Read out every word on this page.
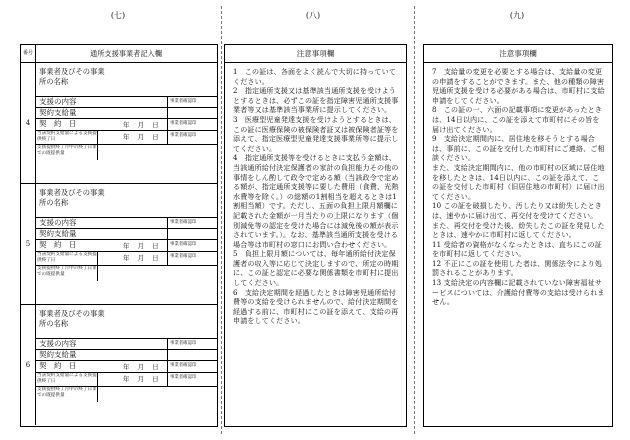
(七)	(八)	(九)
番号	通所支援事業者記入欄
4
事業者及びその事業所の名称
支援の内容	事業者確認印
契約支給量
契　約　日	年 月 日	事業者確認印
当該契約支給量による支援提供終了日	年 月 日	事業者確認印
支援提供終了月中の終了日までの既提供量
5
事業者及びその事業所の名称
支援の内容	事業者確認印
契約支給量
契　約　日	年 月 日	事業者確認印
当該契約支給量による支援提供終了日	年 月 日	事業者確認印
支援提供終了月中の終了日までの既提供量
6
事業者及びその事業所の名称
支援の内容	事業者確認印
契約支給量
契　約　日	年 月 日	事業者確認印
当該契約支給量による支援提供終了日	年 月 日	事業者確認印
支援提供終了月中の終了日までの既提供量
注意事項欄

1　この証は、各面をよく読んで大切に持っていてください。

2　指定通所支援又は基準該当通所支援を受けようとするときは、必ずこの証を指定障害児通所支援事業者等又は基準該当事業所に提示してください。

3　医療型児童発達支援を受けようとするときは、この証に医療保険の被保険者証又は被保険者証等を添えて、指定医療型児童発達支援事業所等に提示してください。

4　指定通所支援等を受けるときに支払う金額は、当該通所給付決定保護者の家計の負担能力その他の事情をしん酌して政令で定める額（当該政令で定める額が、指定通所支援等に要した費用（食費、光熱水費等を除く。）の総額の1割相当を超えるときは1割相当額）です。ただし、五面の負担上限月額欄に記載された金額が一月当たりの上限になります（個別減免等の認定を受けた場合には減免後の額が表示されています。）。なお、基準該当通所支援を受ける場合等は市町村の窓口にお問い合わせください。

5　負担上限月額については、毎年通所給付決定保護者の収入等に応じて決定しますので、所定の時期に、この証と認定に必要な関係書類を市町村に提出してください。

6　支給決定期間を経過したときは障害児通所給付費等の支給を受けられませんので、給付決定期間を経過する前に、市町村にこの証を添えて、支給の再申請をしてください。

注意事項欄

7　支給量の変更を必要とする場合は、支給量の変更の申請をすることができます。また、他の種類の障害児通所支援を受ける必要がある場合は、市町村に支給申請をしてください。

8　この証の一、六面の記載事項に変更があったときは、14日以内に、この証を添えて市町村にその旨を届け出てください。

9　支給決定期間内に、居住地を移そうとする場合は、事前に、この証を交付した市町村にご連絡、ご相談ください。

また、支給決定期間内に、他の市町村の区域に居住地を移したときは、14日以内に、この証を添えて、この証を交付した市町村（旧居住地の市町村）に届け出てください。

10 この証を破損したり、汚したり又は紛失したときは、速やかに届け出て、再交付を受けてください。

また、再交付を受けた後、紛失したこの証を発見したときは、速やかに市町村に返してください。

11 受給者の資格がなくなったときは、直ちにこの証を市町村に返してください。

12 不正にこの証を使用した者は、関係法令により処罰されることがあります。

13 支給決定の内容欄に記載されていない障害福祉サービスについては、介護給付費等の支給は受けられません。
